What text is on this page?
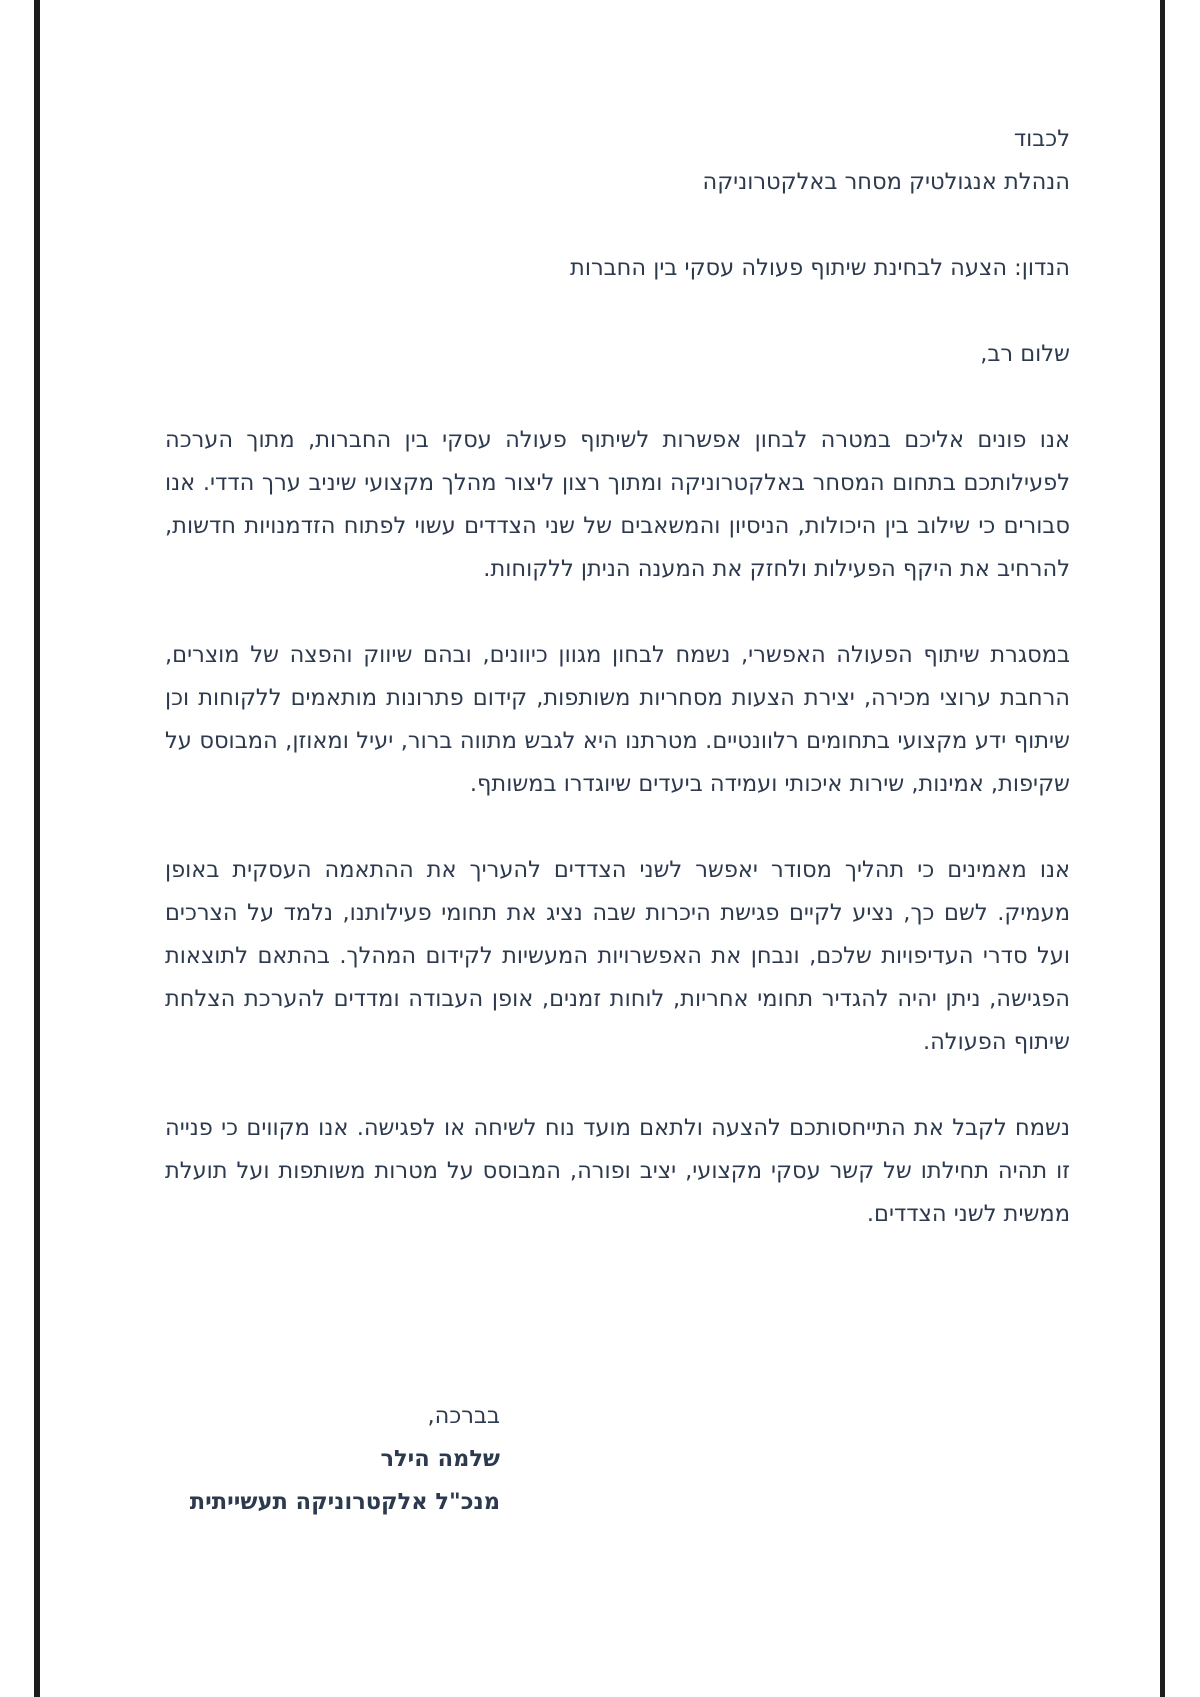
לכבוד

הנהלת אנגולטיק מסחר באלקטרוניקה

הנדון: הצעה לבחינת שיתוף פעולה עסקי בין החברות

שלום רב,

אנו פונים אליכם במטרה לבחון אפשרות לשיתוף פעולה עסקי בין החברות, מתוך הערכה לפעילותכם בתחום המסחר באלקטרוניקה ומתוך רצון ליצור מהלך מקצועי שיניב ערך הדדי. אנו סבורים כי שילוב בין היכולות, הניסיון והמשאבים של שני הצדדים עשוי לפתוח הזדמנויות חדשות, להרחיב את היקף הפעילות ולחזק את המענה הניתן ללקוחות.

במסגרת שיתוף הפעולה האפשרי, נשמח לבחון מגוון כיוונים, ובהם שיווק והפצה של מוצרים, הרחבת ערוצי מכירה, יצירת הצעות מסחריות משותפות, קידום פתרונות מותאמים ללקוחות וכן שיתוף ידע מקצועי בתחומים רלוונטיים. מטרתנו היא לגבש מתווה ברור, יעיל ומאוזן, המבוסס על שקיפות, אמינות, שירות איכותי ועמידה ביעדים שיוגדרו במשותף.

אנו מאמינים כי תהליך מסודר יאפשר לשני הצדדים להעריך את ההתאמה העסקית באופן מעמיק. לשם כך, נציע לקיים פגישת היכרות שבה נציג את תחומי פעילותנו, נלמד על הצרכים ועל סדרי העדיפויות שלכם, ונבחן את האפשרויות המעשיות לקידום המהלך. בהתאם לתוצאות הפגישה, ניתן יהיה להגדיר תחומי אחריות, לוחות זמנים, אופן העבודה ומדדים להערכת הצלחת שיתוף הפעולה.

נשמח לקבל את התייחסותכם להצעה ולתאם מועד נוח לשיחה או לפגישה. אנו מקווים כי פנייה זו תהיה תחילתו של קשר עסקי מקצועי, יציב ופורה, המבוסס על מטרות משותפות ועל תועלת ממשית לשני הצדדים.

בברכה,

שלמה הילר

מנכ"ל אלקטרוניקה תעשייתית
